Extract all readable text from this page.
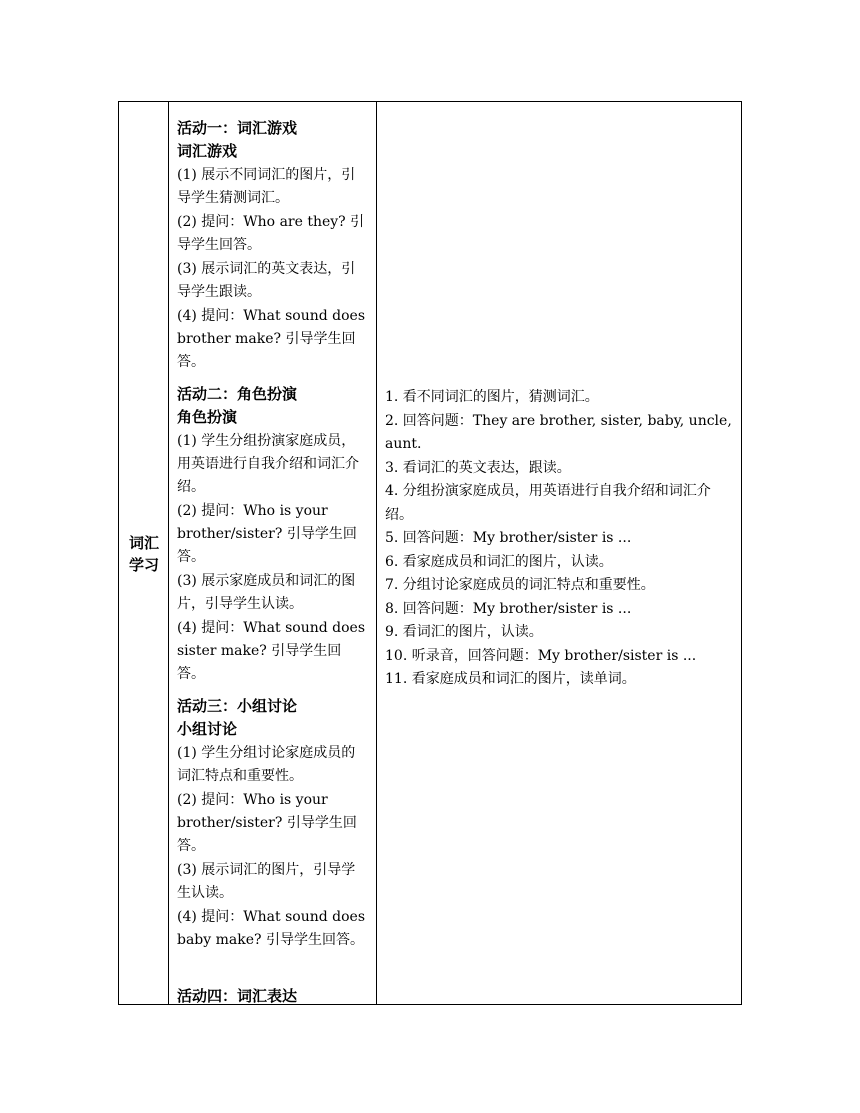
词汇
学习
活动一：词汇游戏
词汇游戏
(1) 展示不同词汇的图片，引导学生猜测词汇。
(2) 提问：Who are they? 引导学生回答。
(3) 展示词汇的英文表达，引导学生跟读。
(4) 提问：What sound does brother make? 引导学生回答。
活动二：角色扮演
角色扮演
(1) 学生分组扮演家庭成员，用英语进行自我介绍和词汇介绍。
(2) 提问：Who is your brother/sister? 引导学生回答。
(3) 展示家庭成员和词汇的图片，引导学生认读。
(4) 提问：What sound does sister make? 引导学生回答。
活动三：小组讨论
小组讨论
(1) 学生分组讨论家庭成员的词汇特点和重要性。
(2) 提问：Who is your brother/sister? 引导学生回答。
(3) 展示词汇的图片，引导学生认读。
(4) 提问：What sound does baby make? 引导学生回答。
活动四：词汇表达
1. 看不同词汇的图片，猜测词汇。
2. 回答问题：They are brother, sister, baby, uncle, aunt.
3. 看词汇的英文表达，跟读。
4. 分组扮演家庭成员，用英语进行自我介绍和词汇介绍。
5. 回答问题：My brother/sister is ...
6. 看家庭成员和词汇的图片，认读。
7. 分组讨论家庭成员的词汇特点和重要性。
8. 回答问题：My brother/sister is ...
9. 看词汇的图片，认读。
10. 听录音，回答问题：My brother/sister is ...
11. 看家庭成员和词汇的图片，读单词。
